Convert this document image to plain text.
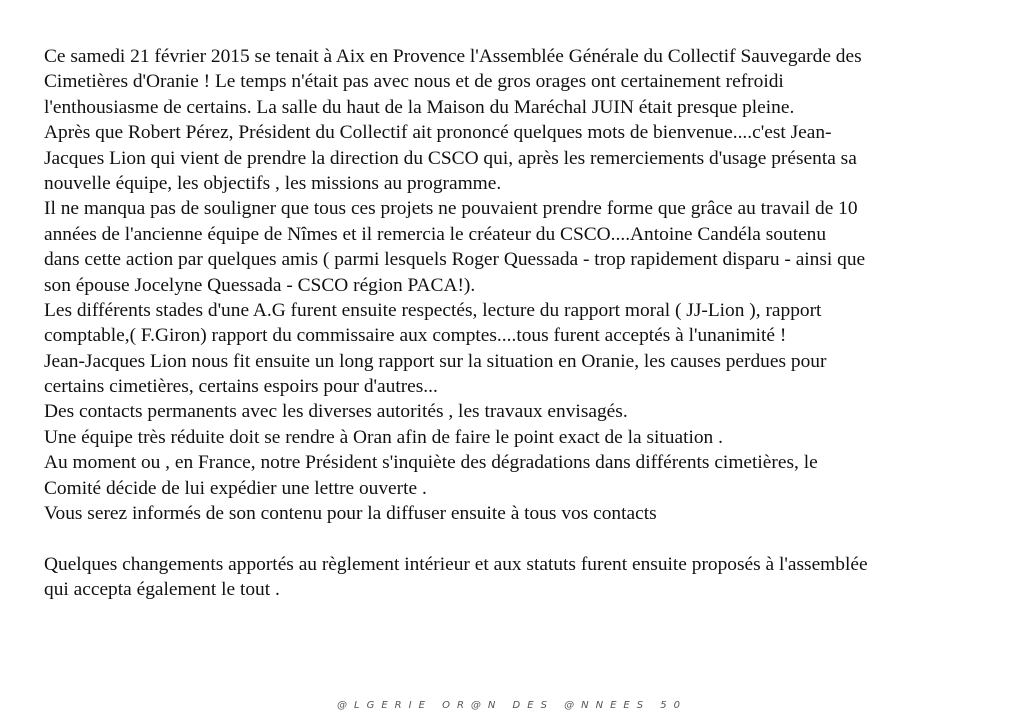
Ce samedi 21 février 2015 se tenait à Aix en Provence l'Assemblée Générale du Collectif Sauvegarde des

Cimetières d'Oranie ! Le temps n'était pas avec nous et de gros orages ont certainement refroidi

l'enthousiasme de certains. La salle du haut de la Maison du Maréchal JUIN était presque pleine.

Après que Robert Pérez, Président du Collectif ait prononcé quelques mots de bienvenue....c'est Jean-

Jacques Lion qui vient de prendre la direction du CSCO qui, après les remerciements d'usage présenta sa

nouvelle équipe, les objectifs , les missions au programme.

Il ne manqua pas de souligner que tous ces projets ne pouvaient prendre forme que grâce au travail de 10

années de l'ancienne équipe de Nîmes et il remercia le créateur du CSCO....Antoine Candéla soutenu

dans cette action par quelques amis ( parmi lesquels Roger Quessada - trop rapidement disparu - ainsi que

son épouse Jocelyne Quessada - CSCO région PACA!).

Les différents stades d'une A.G furent ensuite respectés, lecture du rapport moral ( JJ-Lion ), rapport

comptable,( F.Giron) rapport du commissaire aux comptes....tous furent acceptés à l'unanimité !

Jean-Jacques Lion nous fit ensuite un long rapport sur la situation en Oranie, les causes perdues pour

certains cimetières, certains espoirs pour d'autres...

Des contacts permanents avec les diverses autorités , les travaux envisagés.

Une équipe très réduite doit se rendre à Oran afin de faire le point exact de la situation .

Au moment ou , en France, notre Président s'inquiète des dégradations dans différents cimetières, le

Comité décide de lui expédier une lettre ouverte .

Vous serez informés de son contenu pour la diffuser ensuite à tous vos contacts

Quelques changements apportés au règlement intérieur et aux statuts furent ensuite proposés à l'assemblée

qui accepta également le tout .

@LGERIE OR@N DES @NNEES 50
